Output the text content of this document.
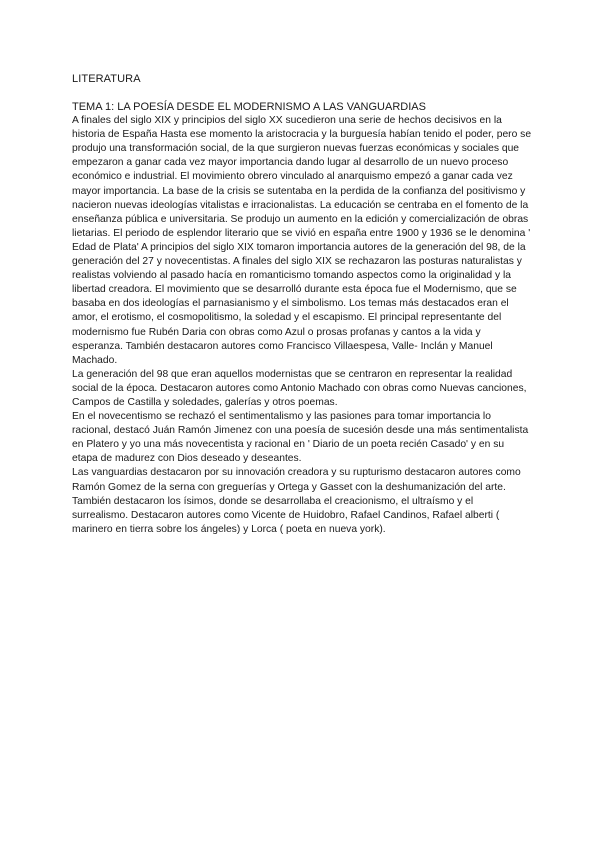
LITERATURA
TEMA 1: LA POESÍA DESDE EL MODERNISMO A LAS VANGUARDIAS

A finales del siglo XIX y principios del siglo XX sucedieron una serie de hechos decisivos en la historia de España Hasta ese momento la aristocracia y la burguesía habían tenido el poder, pero se produjo una transformación social, de la que surgieron nuevas fuerzas económicas y sociales que empezaron a ganar cada vez mayor importancia dando lugar al desarrollo de un nuevo proceso económico e industrial. El movimiento obrero vinculado al anarquismo empezó a ganar cada vez mayor importancia. La base de la crisis se sutentaba en la perdida de la confianza del positivismo y nacieron nuevas ideologías vitalistas e irracionalistas. La educación se centraba en el fomento de la enseñanza pública e universitaria. Se produjo un aumento en la edición y comercialización de obras lietarias. El periodo de esplendor literario que se vivió en españa entre 1900 y 1936 se le denomina ' Edad de Plata' A principios del siglo XIX tomaron importancia autores de la generación del 98, de la generación del 27 y novecentistas. A finales del siglo XIX se rechazaron las posturas naturalistas y realistas volviendo al pasado hacía en romanticismo tomando aspectos como la originalidad y la libertad creadora. El movimiento que se desarrolló durante esta época fue el Modernismo, que se basaba en dos ideologías el parnasianismo y el simbolismo. Los temas más destacados eran el amor, el erotismo, el cosmopolitismo, la soledad y el escapismo. El principal representante del modernismo fue Rubén Daria con obras como Azul o prosas profanas y cantos a la vida y esperanza. También destacaron autores como Francisco Villaespesa, Valle- Inclán y Manuel Machado.

La generación del 98 que eran aquellos modernistas que se centraron en representar la realidad social de la época. Destacaron autores como Antonio Machado con obras como Nuevas canciones, Campos de Castilla y soledades, galerías y otros poemas.

En el novecentismo se rechazó el sentimentalismo y las pasiones para tomar importancia lo racional, destacó Juán Ramón Jimenez con una poesía de sucesión desde una más sentimentalista en Platero y yo una más novecentista y racional en ' Diario de un poeta recién Casado' y en su etapa de madurez con Dios deseado y deseantes.

Las vanguardias destacaron por su innovación creadora y su rupturismo destacaron autores como Ramón Gomez de la serna con greguerías y Ortega y Gasset con la deshumanización del arte. También destacaron los ísimos, donde se desarrollaba el creacionismo, el ultraísmo y el surrealismo. Destacaron autores como Vicente de Huidobro, Rafael Candinos, Rafael alberti ( marinero en tierra sobre los ángeles) y Lorca ( poeta en nueva york).
